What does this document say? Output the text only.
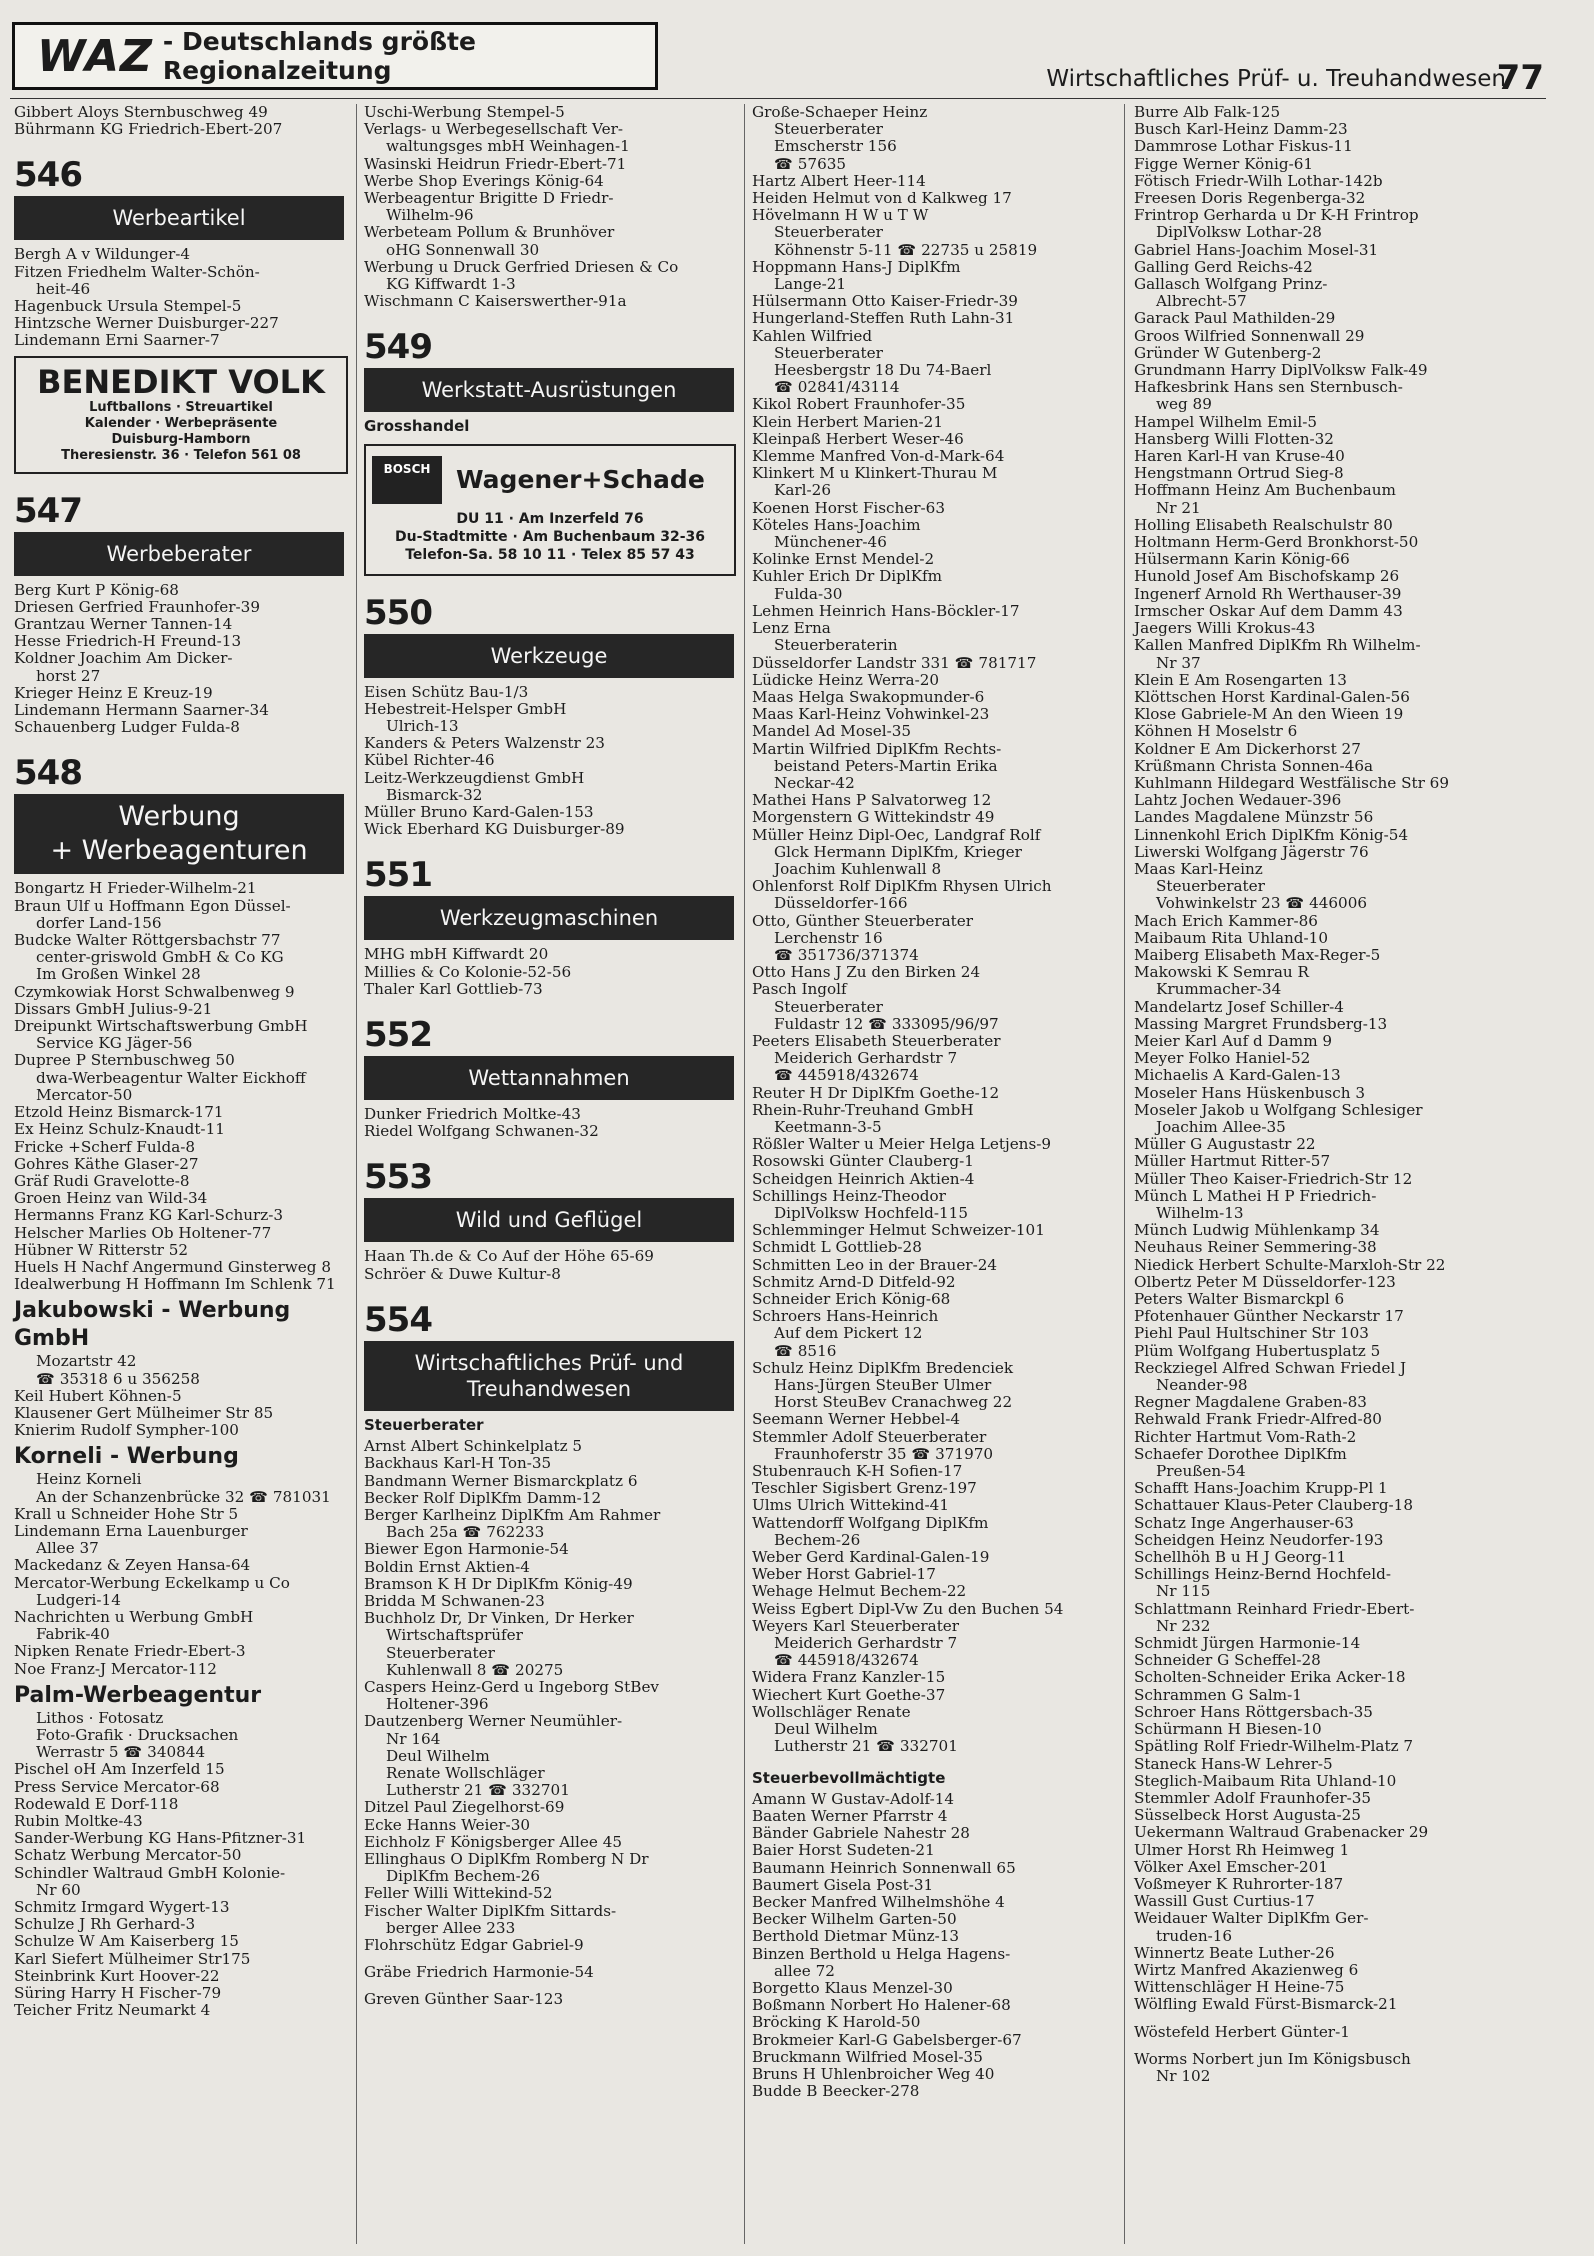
WAZ - Deutschlands größte Regionalzeitung	Wirtschaftliches Prüf- u. Treuhandwesen
77
Gibbert Aloys Sternbuschweg 49
Bührmann KG Friedrich-Ebert-207
546
Werbeartikel
Bergh A v Wildunger-4
Fitzen Friedhelm Walter-Schön-
heit-46
Hagenbuck Ursula Stempel-5
Hintzsche Werner Duisburger-227
Lindemann Erni Saarner-7
BENEDIKT VOLK
Luftballons · Streuartikel
Kalender · Werbepräsente
Duisburg-Hamborn
Theresienstr. 36 · Telefon 561 08
547
Werbeberater
Berg Kurt P König-68
Driesen Gerfried Fraunhofer-39
Grantzau Werner Tannen-14
Hesse Friedrich-H Freund-13
Koldner Joachim Am Dicker-
horst 27
Krieger Heinz E Kreuz-19
Lindemann Hermann Saarner-34
Schauenberg Ludger Fulda-8
548
Werbung
+ Werbeagenturen
Bongartz H Frieder-Wilhelm-21
Braun Ulf u Hoffmann Egon Düssel-
dorfer Land-156
Budcke Walter Röttgersbachstr 77
center-griswold GmbH & Co KG
Im Großen Winkel 28
Czymkowiak Horst Schwalbenweg 9
Dissars GmbH Julius-9-21
Dreipunkt Wirtschaftswerbung GmbH
Service KG Jäger-56
Dupree P Sternbuschweg 50
dwa-Werbeagentur Walter Eickhoff
Mercator-50
Etzold Heinz Bismarck-171
Ex Heinz Schulz-Knaudt-11
Fricke +Scherf Fulda-8
Gohres Käthe Glaser-27
Gräf Rudi Gravelotte-8
Groen Heinz van Wild-34
Hermanns Franz KG Karl-Schurz-3
Helscher Marlies Ob Holtener-77
Hübner W Ritterstr 52
Huels H Nachf Angermund Ginsterweg 8
Idealwerbung H Hoffmann Im Schlenk 71
Jakubowski - Werbung GmbH
Mozartstr 42
☎ 35318 6 u 356258
Keil Hubert Köhnen-5
Klausener Gert Mülheimer Str 85
Knierim Rudolf Sympher-100
Korneli - Werbung
Heinz Korneli
An der Schanzenbrücke 32 ☎ 781031
Krall u Schneider Hohe Str 5
Lindemann Erna Lauenburger
Allee 37
Mackedanz & Zeyen Hansa-64
Mercator-Werbung Eckelkamp u Co
Ludgeri-14
Nachrichten u Werbung GmbH
Fabrik-40
Nipken Renate Friedr-Ebert-3
Noe Franz-J Mercator-112
Palm-Werbeagentur
Lithos · Fotosatz
Foto-Grafik · Drucksachen
Werrastr 5 ☎ 340844
Pischel oH Am Inzerfeld 15
Press Service Mercator-68
Rodewald E Dorf-118
Rubin Moltke-43
Sander-Werbung KG Hans-Pfitzner-31
Schatz Werbung Mercator-50
Schindler Waltraud GmbH Kolonie-
Nr 60
Schmitz Irmgard Wygert-13
Schulze J Rh Gerhard-3
Schulze W Am Kaiserberg 15
Karl Siefert Mülheimer Str175
Steinbrink Kurt Hoover-22
Süring Harry H Fischer-79
Teicher Fritz Neumarkt 4
Uschi-Werbung Stempel-5
Verlags- u Werbegesellschaft Ver-
waltungsges mbH Weinhagen-1
Wasinski Heidrun Friedr-Ebert-71
Werbe Shop Everings König-64
Werbeagentur Brigitte D Friedr-
Wilhelm-96
Werbeteam Pollum & Brunhöver
oHG Sonnenwall 30
Werbung u Druck Gerfried Driesen & Co
KG Kiffwardt 1-3
Wischmann C Kaiserswerther-91a
549
Werkstatt-Ausrüstungen
Grosshandel
BOSCH	Wagener+Schade
DU 11 · Am Inzerfeld 76
Du-Stadtmitte · Am Buchenbaum 32-36
Telefon-Sa. 58 10 11 · Telex 85 57 43
550
Werkzeuge
Eisen Schütz Bau-1/3
Hebestreit-Helsper GmbH
Ulrich-13
Kanders & Peters Walzenstr 23
Kübel Richter-46
Leitz-Werkzeugdienst GmbH
Bismarck-32
Müller Bruno Kard-Galen-153
Wick Eberhard KG Duisburger-89
551
Werkzeugmaschinen
MHG mbH Kiffwardt 20
Millies & Co Kolonie-52-56
Thaler Karl Gottlieb-73
552
Wettannahmen
Dunker Friedrich Moltke-43
Riedel Wolfgang Schwanen-32
553
Wild und Geflügel
Haan Th.de & Co Auf der Höhe 65-69
Schröer & Duwe Kultur-8
554
Wirtschaftliches Prüf- und
Treuhandwesen
Steuerberater
Arnst Albert Schinkelplatz 5
Backhaus Karl-H Ton-35
Bandmann Werner Bismarckplatz 6
Becker Rolf DiplKfm Damm-12
Berger Karlheinz DiplKfm Am Rahmer
Bach 25a ☎ 762233
Biewer Egon Harmonie-54
Boldin Ernst Aktien-4
Bramson K H Dr DiplKfm König-49
Bridda M Schwanen-23
Buchholz Dr, Dr Vinken, Dr Herker
Wirtschaftsprüfer
Steuerberater
Kuhlenwall 8 ☎ 20275
Caspers Heinz-Gerd u Ingeborg StBev
Holtener-396
Dautzenberg Werner Neumühler-
Nr 164
Deul Wilhelm
Renate Wollschläger
Lutherstr 21 ☎ 332701
Ditzel Paul Ziegelhorst-69
Ecke Hanns Weier-30
Eichholz F Königsberger Allee 45
Ellinghaus O DiplKfm Romberg N Dr
DiplKfm Bechem-26
Feller Willi Wittekind-52
Fischer Walter DiplKfm Sittards-
berger Allee 233
Flohrschütz Edgar Gabriel-9
Gräbe Friedrich Harmonie-54
Greven Günther Saar-123
Große-Schaeper Heinz
Steuerberater
Emscherstr 156
☎ 57635
Hartz Albert Heer-114
Heiden Helmut von d Kalkweg 17
Hövelmann H W u T W
Steuerberater
Köhnenstr 5-11 ☎ 22735 u 25819
Hoppmann Hans-J DiplKfm
Lange-21
Hülsermann Otto Kaiser-Friedr-39
Hungerland-Steffen Ruth Lahn-31
Kahlen Wilfried
Steuerberater
Heesbergstr 18 Du 74-Baerl
☎ 02841/43114
Kikol Robert Fraunhofer-35
Klein Herbert Marien-21
Kleinpaß Herbert Weser-46
Klemme Manfred Von-d-Mark-64
Klinkert M u Klinkert-Thurau M
Karl-26
Koenen Horst Fischer-63
Köteles Hans-Joachim
Münchener-46
Kolinke Ernst Mendel-2
Kuhler Erich Dr DiplKfm
Fulda-30
Lehmen Heinrich Hans-Böckler-17
Lenz Erna
Steuerberaterin
Düsseldorfer Landstr 331 ☎ 781717
Lüdicke Heinz Werra-20
Maas Helga Swakopmunder-6
Maas Karl-Heinz Vohwinkel-23
Mandel Ad Mosel-35
Martin Wilfried DiplKfm Rechts-
beistand Peters-Martin Erika
Neckar-42
Mathei Hans P Salvatorweg 12
Morgenstern G Wittekindstr 49
Müller Heinz Dipl-Oec, Landgraf Rolf
Glck Hermann DiplKfm, Krieger
Joachim Kuhlenwall 8
Ohlenforst Rolf DiplKfm Rhysen Ulrich
Düsseldorfer-166
Otto, Günther Steuerberater
Lerchenstr 16
☎ 351736/371374
Otto Hans J Zu den Birken 24
Pasch Ingolf
Steuerberater
Fuldastr 12 ☎ 333095/96/97
Peeters Elisabeth Steuerberater
Meiderich Gerhardstr 7
☎ 445918/432674
Reuter H Dr DiplKfm Goethe-12
Rhein-Ruhr-Treuhand GmbH
Keetmann-3-5
Rößler Walter u Meier Helga Letjens-9
Rosowski Günter Clauberg-1
Scheidgen Heinrich Aktien-4
Schillings Heinz-Theodor
DiplVolksw Hochfeld-115
Schlemminger Helmut Schweizer-101
Schmidt L Gottlieb-28
Schmitten Leo in der Brauer-24
Schmitz Arnd-D Ditfeld-92
Schneider Erich König-68
Schroers Hans-Heinrich
Auf dem Pickert 12
☎ 8516
Schulz Heinz DiplKfm Bredenciek
Hans-Jürgen SteuBer Ulmer
Horst SteuBev Cranachweg 22
Seemann Werner Hebbel-4
Stemmler Adolf Steuerberater
Fraunhoferstr 35 ☎ 371970
Stubenrauch K-H Sofien-17
Teschler Sigisbert Grenz-197
Ulms Ulrich Wittekind-41
Wattendorff Wolfgang DiplKfm
Bechem-26
Weber Gerd Kardinal-Galen-19
Weber Horst Gabriel-17
Wehage Helmut Bechem-22
Weiss Egbert Dipl-Vw Zu den Buchen 54
Weyers Karl Steuerberater
Meiderich Gerhardstr 7
☎ 445918/432674
Widera Franz Kanzler-15
Wiechert Kurt Goethe-37
Wollschläger Renate
Deul Wilhelm
Lutherstr 21 ☎ 332701
Steuerbevollmächtigte
Amann W Gustav-Adolf-14
Baaten Werner Pfarrstr 4
Bänder Gabriele Nahestr 28
Baier Horst Sudeten-21
Baumann Heinrich Sonnenwall 65
Baumert Gisela Post-31
Becker Manfred Wilhelmshöhe 4
Becker Wilhelm Garten-50
Berthold Dietmar Münz-13
Binzen Berthold u Helga Hagens-
allee 72
Borgetto Klaus Menzel-30
Boßmann Norbert Ho Halener-68
Bröcking K Harold-50
Brokmeier Karl-G Gabelsberger-67
Bruckmann Wilfried Mosel-35
Bruns H Uhlenbroicher Weg 40
Budde B Beecker-278
Burre Alb Falk-125
Busch Karl-Heinz Damm-23
Dammrose Lothar Fiskus-11
Figge Werner König-61
Fötisch Friedr-Wilh Lothar-142b
Freesen Doris Regenberga-32
Frintrop Gerharda u Dr K-H Frintrop
DiplVolksw Lothar-28
Gabriel Hans-Joachim Mosel-31
Galling Gerd Reichs-42
Gallasch Wolfgang Prinz-
Albrecht-57
Garack Paul Mathilden-29
Groos Wilfried Sonnenwall 29
Gründer W Gutenberg-2
Grundmann Harry DiplVolksw Falk-49
Hafkesbrink Hans sen Sternbusch-
weg 89
Hampel Wilhelm Emil-5
Hansberg Willi Flotten-32
Haren Karl-H van Kruse-40
Hengstmann Ortrud Sieg-8
Hoffmann Heinz Am Buchenbaum
Nr 21
Holling Elisabeth Realschulstr 80
Holtmann Herm-Gerd Bronkhorst-50
Hülsermann Karin König-66
Hunold Josef Am Bischofskamp 26
Ingenerf Arnold Rh Werthauser-39
Irmscher Oskar Auf dem Damm 43
Jaegers Willi Krokus-43
Kallen Manfred DiplKfm Rh Wilhelm-
Nr 37
Klein E Am Rosengarten 13
Klöttschen Horst Kardinal-Galen-56
Klose Gabriele-M An den Wieen 19
Köhnen H Moselstr 6
Koldner E Am Dickerhorst 27
Krüßmann Christa Sonnen-46a
Kuhlmann Hildegard Westfälische Str 69
Lahtz Jochen Wedauer-396
Landes Magdalene Münzstr 56
Linnenkohl Erich DiplKfm König-54
Liwerski Wolfgang Jägerstr 76
Maas Karl-Heinz
Steuerberater
Vohwinkelstr 23 ☎ 446006
Mach Erich Kammer-86
Maibaum Rita Uhland-10
Maiberg Elisabeth Max-Reger-5
Makowski K Semrau R
Krummacher-34
Mandelartz Josef Schiller-4
Massing Margret Frundsberg-13
Meier Karl Auf d Damm 9
Meyer Folko Haniel-52
Michaelis A Kard-Galen-13
Moseler Hans Hüskenbusch 3
Moseler Jakob u Wolfgang Schlesiger
Joachim Allee-35
Müller G Augustastr 22
Müller Hartmut Ritter-57
Müller Theo Kaiser-Friedrich-Str 12
Münch L Mathei H P Friedrich-
Wilhelm-13
Münch Ludwig Mühlenkamp 34
Neuhaus Reiner Semmering-38
Niedick Herbert Schulte-Marxloh-Str 22
Olbertz Peter M Düsseldorfer-123
Peters Walter Bismarckpl 6
Pfotenhauer Günther Neckarstr 17
Piehl Paul Hultschiner Str 103
Plüm Wolfgang Hubertusplatz 5
Reckziegel Alfred Schwan Friedel J
Neander-98
Regner Magdalene Graben-83
Rehwald Frank Friedr-Alfred-80
Richter Hartmut Vom-Rath-2
Schaefer Dorothee DiplKfm
Preußen-54
Schafft Hans-Joachim Krupp-Pl 1
Schattauer Klaus-Peter Clauberg-18
Schatz Inge Angerhauser-63
Scheidgen Heinz Neudorfer-193
Schellhöh B u H J Georg-11
Schillings Heinz-Bernd Hochfeld-
Nr 115
Schlattmann Reinhard Friedr-Ebert-
Nr 232
Schmidt Jürgen Harmonie-14
Schneider G Scheffel-28
Scholten-Schneider Erika Acker-18
Schrammen G Salm-1
Schroer Hans Röttgersbach-35
Schürmann H Biesen-10
Spätling Rolf Friedr-Wilhelm-Platz 7
Staneck Hans-W Lehrer-5
Steglich-Maibaum Rita Uhland-10
Stemmler Adolf Fraunhofer-35
Süsselbeck Horst Augusta-25
Uekermann Waltraud Grabenacker 29
Ulmer Horst Rh Heimweg 1
Völker Axel Emscher-201
Voßmeyer K Ruhrorter-187
Wassill Gust Curtius-17
Weidauer Walter DiplKfm Ger-
truden-16
Winnertz Beate Luther-26
Wirtz Manfred Akazienweg 6
Wittenschläger H Heine-75
Wölfling Ewald Fürst-Bismarck-21
Wöstefeld Herbert Günter-1
Worms Norbert jun Im Königsbusch
Nr 102
